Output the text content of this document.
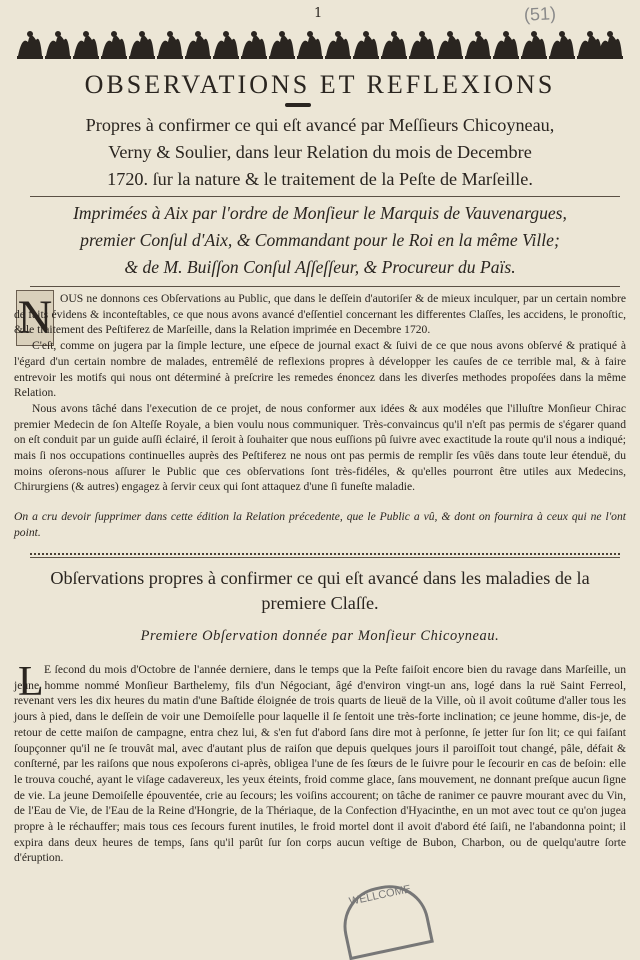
1	(51)
OBSERVATIONS ET REFLEXIONS
Propres à confirmer ce qui eſt avancé par Meſſieurs Chicoyneau,
Verny & Soulier, dans leur Relation du mois de Decembre
1720. ſur la nature & le traitement de la Peſte de Marſeille.
Imprimées à Aix par l'ordre de Monſieur le Marquis de Vauvenargues,
premier Conſul d'Aix, & Commandant pour le Roi en la même Ville;
& de M. Buiſſon Conſul Aſſeſſeur, & Procureur du Païs.
N OUS ne donnons ces Obſervations au Public, que dans le deſſein d'autoriſer & de mieux inculquer, par un certain nombre de faits évidens & inconteſtables, ce que nous avons avancé d'eſſentiel concernant les differentes Claſſes, les accidens, le pronoſtic, & le traitement des Peſtiferez de Marſeille, dans la Relation imprimée en Decembre 1720.

C'eſt, comme on jugera par la ſimple lecture, une eſpece de journal exact & ſuivi de ce que nous avons obſervé & pratiqué à l'égard d'un certain nombre de malades, entremêlé de reflexions propres à développer les cauſes de ce terrible mal, & à faire entrevoir les motifs qui nous ont déterminé à preſcrire les remedes énoncez dans les diverſes methodes propoſées dans la même Relation.

Nous avons tâché dans l'execution de ce projet, de nous conformer aux idées & aux modéles que l'illuſtre Monſieur Chirac premier Medecin de ſon Alteſſe Royale, a bien voulu nous communiquer. Très-convaincus qu'il n'eſt pas permis de s'égarer quand on eſt conduit par un guide auſſi éclairé, il ſeroit à ſouhaiter que nous euſſions pû ſuivre avec exactitude la route qu'il nous a indiqué; mais ſi nos occupations continuelles auprès des Peſtiferez ne nous ont pas permis de remplir ſes vûës dans toute leur étenduë, du moins oſerons-nous aſſurer le Public que ces obſervations ſont très-fidéles, & qu'elles pourront être utiles aux Medecins, Chirurgiens (& autres) engagez à ſervir ceux qui ſont attaquez d'une ſi funeſte maladie.

On a cru devoir ſupprimer dans cette édition la Relation précedente, que le Public a vû, & dont on fournira à ceux qui ne l'ont point.
Obſervations propres à confirmer ce qui eſt avancé dans les maladies de la
premiere Claſſe.
Premiere Obſervation donnée par Monſieur Chicoyneau.
L E ſecond du mois d'Octobre de l'année derniere, dans le temps que la Peſte faiſoit encore bien du ravage dans Marſeille, un jeune homme nommé Monſieur Barthelemy, fils d'un Négociant, âgé d'environ vingt-un ans, logé dans la ruë Saint Ferreol, revenant vers les dix heures du matin d'une Baſtide éloignée de trois quarts de lieuë de la Ville, où il avoit coûtume d'aller tous les jours à pied, dans le deſſein de voir une Demoiſelle pour laquelle il ſe ſentoit une très-forte inclination; ce jeune homme, dis-je, de retour de cette maiſon de campagne, entra chez lui, & s'en fut d'abord ſans dire mot à perſonne, ſe jetter ſur ſon lit; ce qui faiſant ſoupçonner qu'il ne ſe trouvât mal, avec d'autant plus de raiſon que depuis quelques jours il paroiſſoit tout changé, pâle, défait & conſterné, par les raiſons que nous expoſerons ci-après, obligea l'une de ſes ſœurs de le ſuivre pour le ſecourir en cas de beſoin: elle le trouva couché, ayant le viſage cadavereux, les yeux éteints, froid comme glace, ſans mouvement, ne donnant preſque aucun ſigne de vie. La jeune Demoiſelle épouventée, crie au ſecours; les voiſins accourent; on tâche de ranimer ce pauvre mourant avec du Vin, de l'Eau de Vie, de l'Eau de la Reine d'Hongrie, de la Thériaque, de la Confection d'Hyacinthe, en un mot avec tout ce qu'on jugea propre à le réchauffer; mais tous ces ſecours furent inutiles, le froid mortel dont il avoit d'abord été ſaiſi, ne l'abandonna point; il expira dans deux heures de temps, ſans qu'il parût ſur ſon corps aucun veſtige de Bubon, Charbon, ou de quelqu'autre ſorte d'éruption.
WELLCOME
